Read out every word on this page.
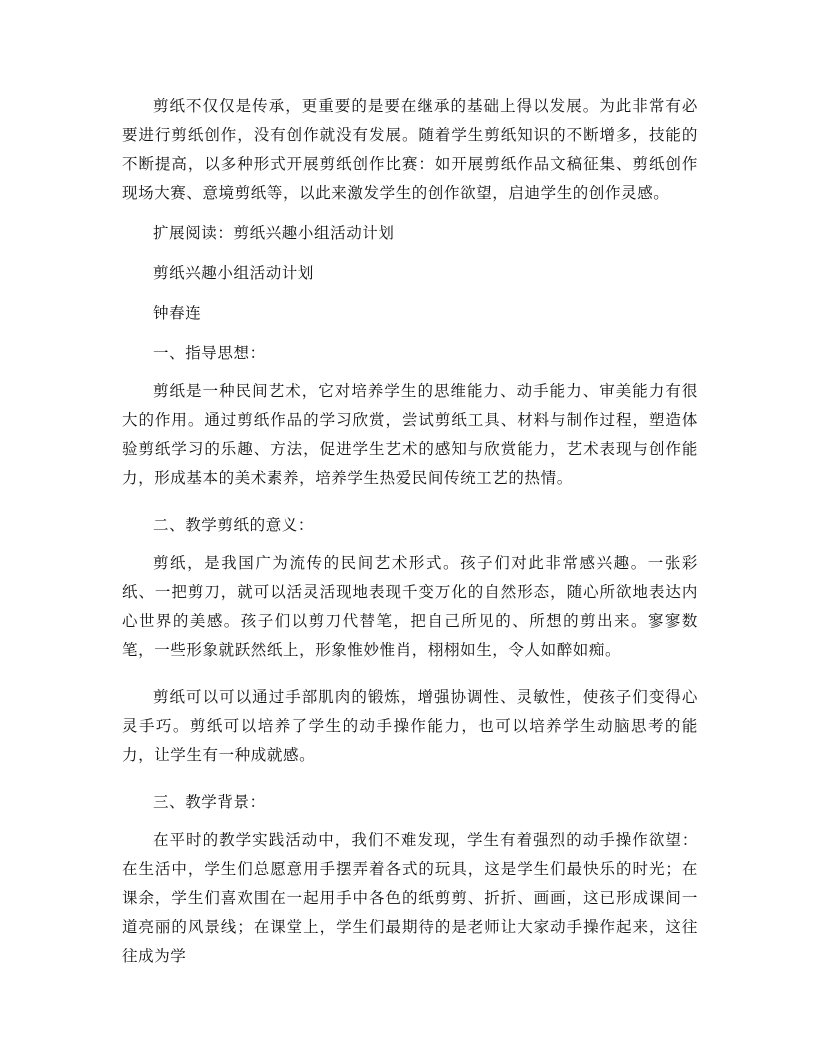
剪纸不仅仅是传承，更重要的是要在继承的基础上得以发展。为此非常有必要进行剪纸创作，没有创作就没有发展。随着学生剪纸知识的不断增多，技能的不断提高，以多种形式开展剪纸创作比赛：如开展剪纸作品文稿征集、剪纸创作现场大赛、意境剪纸等，以此来激发学生的创作欲望，启迪学生的创作灵感。

扩展阅读：剪纸兴趣小组活动计划

剪纸兴趣小组活动计划

钟春连

一、指导思想：

剪纸是一种民间艺术，它对培养学生的思维能力、动手能力、审美能力有很大的作用。通过剪纸作品的学习欣赏，尝试剪纸工具、材料与制作过程，塑造体验剪纸学习的乐趣、方法，促进学生艺术的感知与欣赏能力，艺术表现与创作能力，形成基本的美术素养，培养学生热爱民间传统工艺的热情。

二、教学剪纸的意义：

剪纸，是我国广为流传的民间艺术形式。孩子们对此非常感兴趣。一张彩纸、一把剪刀，就可以活灵活现地表现千变万化的自然形态，随心所欲地表达内心世界的美感。孩子们以剪刀代替笔，把自己所见的、所想的剪出来。寥寥数笔，一些形象就跃然纸上，形象惟妙惟肖，栩栩如生，令人如醉如痴。

剪纸可以可以通过手部肌肉的锻炼，增强协调性、灵敏性，使孩子们变得心灵手巧。剪纸可以培养了学生的动手操作能力，也可以培养学生动脑思考的能力，让学生有一种成就感。

三、教学背景：

在平时的教学实践活动中，我们不难发现，学生有着强烈的动手操作欲望：在生活中，学生们总愿意用手摆弄着各式的玩具，这是学生们最快乐的时光；在课余，学生们喜欢围在一起用手中各色的纸剪剪、折折、画画，这已形成课间一道亮丽的风景线；在课堂上，学生们最期待的是老师让大家动手操作起来，这往往成为学
